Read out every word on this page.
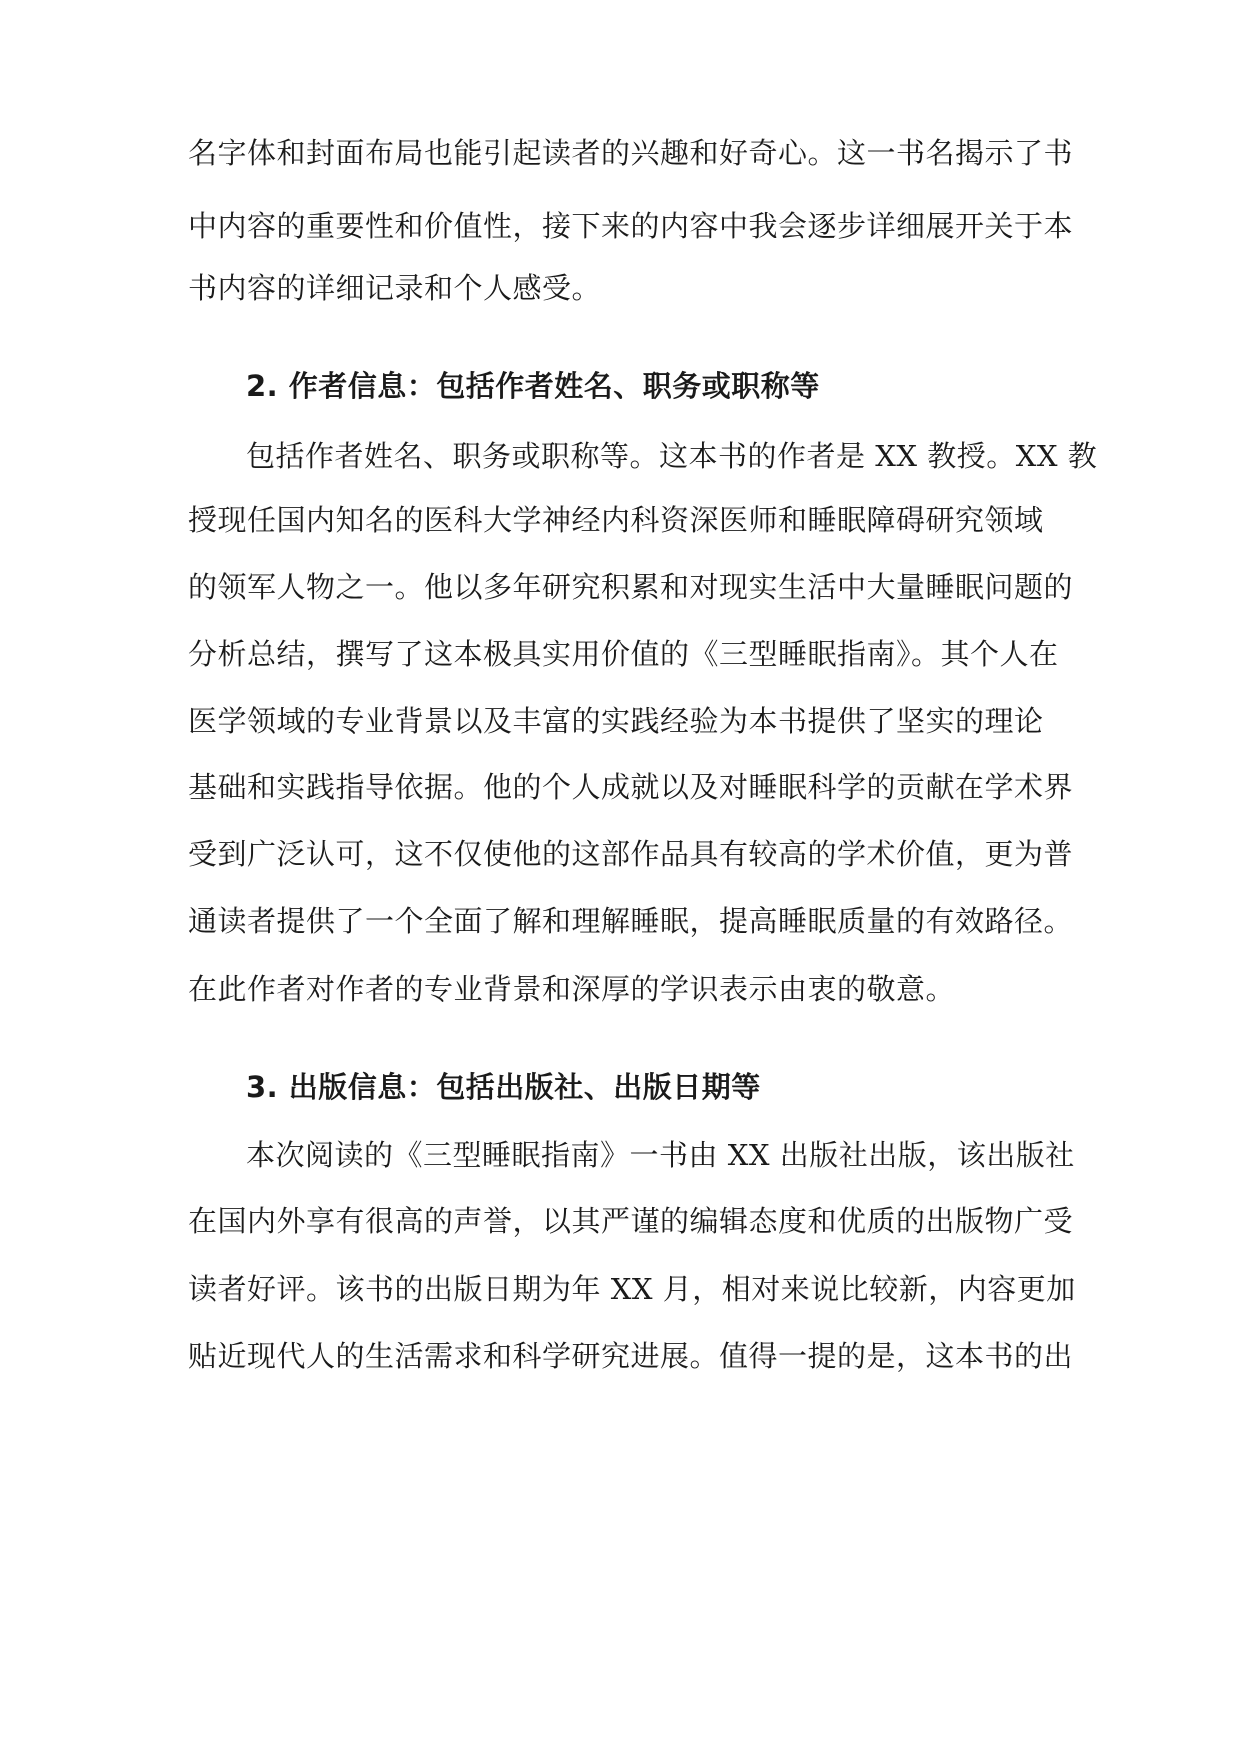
名字体和封面布局也能引起读者的兴趣和好奇心。这一书名揭示了书
中内容的重要性和价值性，接下来的内容中我会逐步详细展开关于本
书内容的详细记录和个人感受。
2. 作者信息：包括作者姓名、职务或职称等
包括作者姓名、职务或职称等。这本书的作者是 XX 教授。XX 教
授现任国内知名的医科大学神经内科资深医师和睡眠障碍研究领域
的领军人物之一。他以多年研究积累和对现实生活中大量睡眠问题的
分析总结，撰写了这本极具实用价值的《三型睡眠指南》。其个人在
医学领域的专业背景以及丰富的实践经验为本书提供了坚实的理论
基础和实践指导依据。他的个人成就以及对睡眠科学的贡献在学术界
受到广泛认可，这不仅使他的这部作品具有较高的学术价值，更为普
通读者提供了一个全面了解和理解睡眠，提高睡眠质量的有效路径。
在此作者对作者的专业背景和深厚的学识表示由衷的敬意。
3. 出版信息：包括出版社、出版日期等
本次阅读的《三型睡眠指南》一书由 XX 出版社出版，该出版社
在国内外享有很高的声誉，以其严谨的编辑态度和优质的出版物广受
读者好评。该书的出版日期为年 XX 月，相对来说比较新，内容更加
贴近现代人的生活需求和科学研究进展。值得一提的是，这本书的出
